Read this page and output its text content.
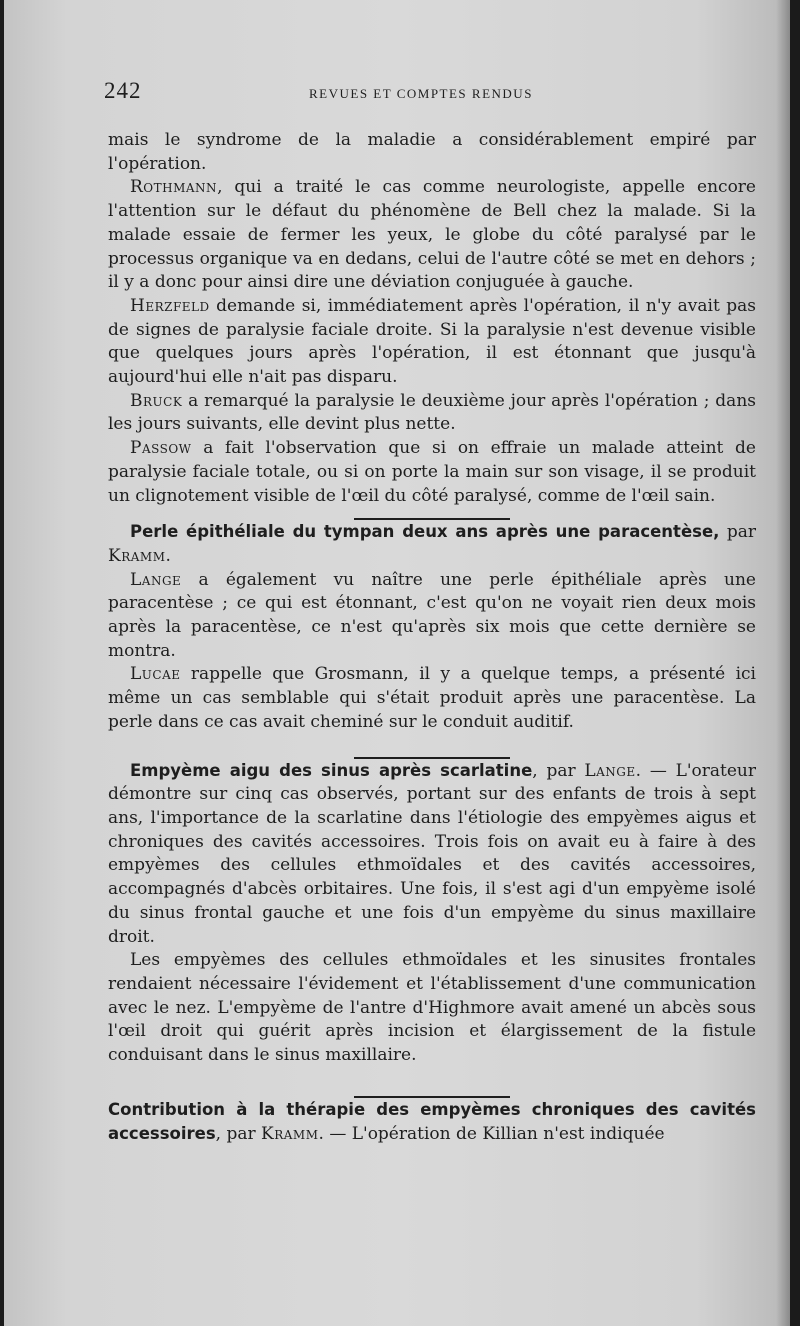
242	REVUES ET COMPTES RENDUS

mais le syndrome de la maladie a considérablement empiré par l'opération.

Rothmann, qui a traité le cas comme neurologiste, appelle encore l'attention sur le défaut du phénomène de Bell chez la malade. Si la malade essaie de fermer les yeux, le globe du côté paralysé par le processus organique va en dedans, celui de l'autre côté se met en dehors ; il y a donc pour ainsi dire une déviation conjuguée à gauche.

Herzfeld demande si, immédiatement après l'opération, il n'y avait pas de signes de paralysie faciale droite. Si la paralysie n'est devenue visible que quelques jours après l'opération, il est étonnant que jusqu'à aujourd'hui elle n'ait pas disparu.

Bruck a remarqué la paralysie le deuxième jour après l'opération ; dans les jours suivants, elle devint plus nette.

Passow a fait l'observation que si on effraie un malade atteint de paralysie faciale totale, ou si on porte la main sur son visage, il se produit un clignotement visible de l'œil du côté paralysé, comme de l'œil sain.

Perle épithéliale du tympan deux ans après une paracentèse, par Kramm.

Lange a également vu naître une perle épithéliale après une paracentèse ; ce qui est étonnant, c'est qu'on ne voyait rien deux mois après la paracentèse, ce n'est qu'après six mois que cette dernière se montra.

Lucae rappelle que Grosmann, il y a quelque temps, a présenté ici même un cas semblable qui s'était produit après une paracentèse. La perle dans ce cas avait cheminé sur le conduit auditif.

Empyème aigu des sinus après scarlatine, par Lange. — L'orateur démontre sur cinq cas observés, portant sur des enfants de trois à sept ans, l'importance de la scarlatine dans l'étiologie des empyèmes aigus et chroniques des cavités accessoires. Trois fois on avait eu à faire à des empyèmes des cellules ethmoïdales et des cavités accessoires, accompagnés d'abcès orbitaires. Une fois, il s'est agi d'un empyème isolé du sinus frontal gauche et une fois d'un empyème du sinus maxillaire droit.

Les empyèmes des cellules ethmoïdales et les sinusites frontales rendaient nécessaire l'évidement et l'établissement d'une communication avec le nez. L'empyème de l'antre d'Highmore avait amené un abcès sous l'œil droit qui guérit après incision et élargissement de la fistule conduisant dans le sinus maxillaire.

Contribution à la thérapie des empyèmes chroniques des cavités accessoires, par Kramm. — L'opération de Killian n'est indiquée
